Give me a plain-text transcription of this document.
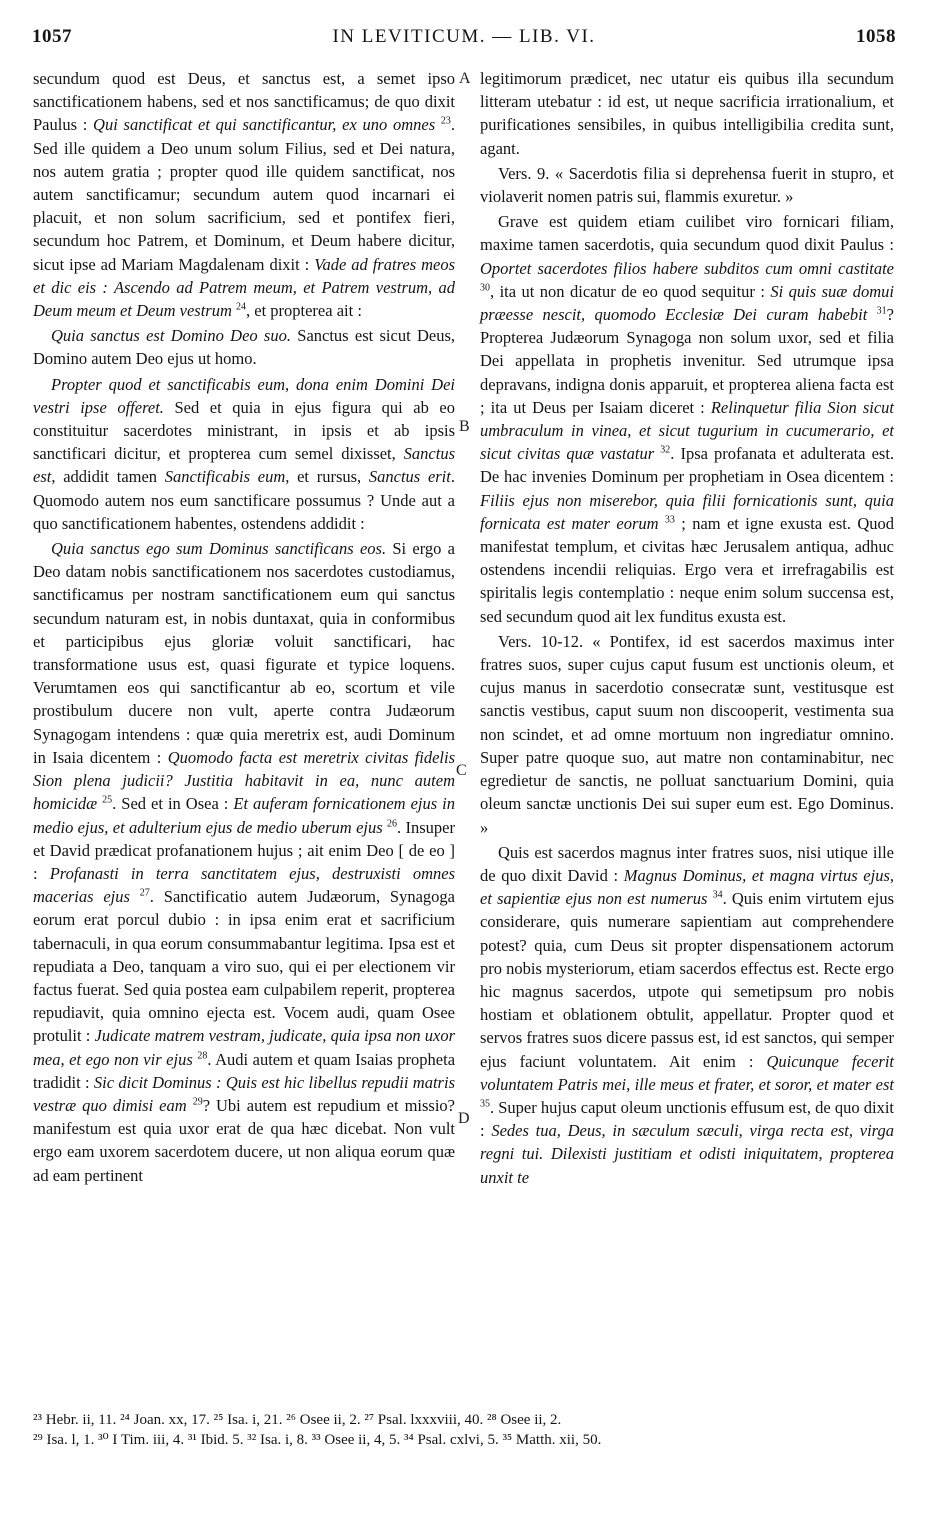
1057	IN LEVITICUM. — LIB. VI.	1058
A
B
C
D

secundum quod est Deus, et sanctus est, a semet ipso sanctificationem habens, sed et nos sanctificamus; de quo dixit Paulus : Qui sanctificat et qui sanctificantur, ex uno omnes $^{23}$. Sed ille quidem a Deo unum solum Filius, sed et Dei natura, nos autem gratia ; propter quod ille quidem sanctificat, nos autem sanctificamur; secundum autem quod incarnari ei placuit, et non solum sacrificium, sed et pontifex fieri, secundum hoc Patrem, et Dominum, et Deum habere dicitur, sicut ipse ad Mariam Magdalenam dixit : Vade ad fratres meos et dic eis : Ascendo ad Patrem meum, et Patrem vestrum, ad Deum meum et Deum vestrum $^{24}$, et propterea ait :

Quia sanctus est Domino Deo suo. Sanctus est sicut Deus, Domino autem Deo ejus ut homo.

Propter quod et sanctificabis eum, dona enim Domini Dei vestri ipse offeret. Sed et quia in ejus figura qui ab eo constituitur sacerdotes ministrant, in ipsis et ab ipsis sanctificari dicitur, et propterea cum semel dixisset, Sanctus est, addidit tamen Sanctificabis eum, et rursus, Sanctus erit. Quomodo autem nos eum sanctificare possumus ? Unde aut a quo sanctificationem habentes, ostendens addidit :

Quia sanctus ego sum Dominus sanctificans eos. Si ergo a Deo datam nobis sanctificationem nos sacerdotes custodiamus, sanctificamus per nostram sanctificationem eum qui sanctus secundum naturam est, in nobis duntaxat, quia in conformibus et participibus ejus gloriæ voluit sanctificari, hac transformatione usus est, quasi figurate et typice loquens. Verumtamen eos qui sanctificantur ab eo, scortum et vile prostibulum ducere non vult, aperte contra Judæorum Synagogam intendens : quæ quia meretrix est, audi Dominum in Isaia dicentem : Quomodo facta est meretrix civitas fidelis Sion plena judicii? Justitia habitavit in ea, nunc autem homicidæ $^{25}$. Sed et in Osea : Et auferam fornicationem ejus in medio ejus, et adulterium ejus de medio uberum ejus $^{26}$. Insuper et David prædicat profanationem hujus ; ait enim Deo [ de eo ] : Profanasti in terra sanctitatem ejus, destruxisti omnes macerias ejus $^{27}$. Sanctificatio autem Judæorum, Synagoga eorum erat porcul dubio : in ipsa enim erat et sacrificium tabernaculi, in qua eorum consummabantur legitima. Ipsa est et repudiata a Deo, tanquam a viro suo, qui ei per electionem vir factus fuerat. Sed quia postea eam culpabilem reperit, propterea repudiavit, quia omnino ejecta est. Vocem audi, quam Osee protulit : Judicate matrem vestram, judicate, quia ipsa non uxor mea, et ego non vir ejus $^{28}$. Audi autem et quam Isaias propheta tradidit : Sic dicit Dominus : Quis est hic libellus repudii matris vestræ quo dimisi eam $^{29}$? Ubi autem est repudium et missio? manifestum est quia uxor erat de qua hæc dicebat. Non vult ergo eam uxorem sacerdotem ducere, ut non aliqua eorum quæ ad eam pertinent

legitimorum prædicet, nec utatur eis quibus illa secundum litteram utebatur : id est, ut neque sacrificia irrationalium, et purificationes sensibiles, in quibus intelligibilia credita sunt, agant.

Vers. 9. « Sacerdotis filia si deprehensa fuerit in stupro, et violaverit nomen patris sui, flammis exuretur. »

Grave est quidem etiam cuilibet viro fornicari filiam, maxime tamen sacerdotis, quia secundum quod dixit Paulus : Oportet sacerdotes filios habere subditos cum omni castitate $^{30}$, ita ut non dicatur de eo quod sequitur : Si quis suæ domui præesse nescit, quomodo Ecclesiæ Dei curam habebit $^{31}$? Propterea Judæorum Synagoga non solum uxor, sed et filia Dei appellata in prophetis invenitur. Sed utrumque ipsa depravans, indigna donis apparuit, et propterea aliena facta est ; ita ut Deus per Isaiam diceret : Relinquetur filia Sion sicut umbraculum in vinea, et sicut tugurium in cucumerario, et sicut civitas quæ vastatur $^{32}$. Ipsa profanata et adulterata est. De hac invenies Dominum per prophetiam in Osea dicentem : Filiis ejus non miserebor, quia filii fornicationis sunt, quia fornicata est mater eorum $^{33}$ ; nam et igne exusta est. Quod manifestat templum, et civitas hæc Jerusalem antiqua, adhuc ostendens incendii reliquias. Ergo vera et irrefragabilis est spiritalis legis contemplatio : neque enim solum succensa est, sed secundum quod ait lex funditus exusta est.

Vers. 10-12. « Pontifex, id est sacerdos maximus inter fratres suos, super cujus caput fusum est unctionis oleum, et cujus manus in sacerdotio consecratæ sunt, vestitusque est sanctis vestibus, caput suum non discooperit, vestimenta sua non scindet, et ad omne mortuum non ingrediatur omnino. Super patre quoque suo, aut matre non contaminabitur, nec egredietur de sanctis, ne polluat sanctuarium Domini, quia oleum sanctæ unctionis Dei sui super eum est. Ego Dominus. »

Quis est sacerdos magnus inter fratres suos, nisi utique ille de quo dixit David : Magnus Dominus, et magna virtus ejus, et sapientiæ ejus non est numerus $^{34}$. Quis enim virtutem ejus considerare, quis numerare sapientiam aut comprehendere potest? quia, cum Deus sit propter dispensationem actorum pro nobis mysteriorum, etiam sacerdos effectus est. Recte ergo hic magnus sacerdos, utpote qui semetipsum pro nobis hostiam et oblationem obtulit, appellatur. Propter quod et servos fratres suos dicere passus est, id est sanctos, qui semper ejus faciunt voluntatem. Ait enim : Quicunque fecerit voluntatem Patris mei, ille meus et frater, et soror, et mater est $^{35}$. Super hujus caput oleum unctionis effusum est, de quo dixit : Sedes tua, Deus, in sæculum sæculi, virga recta est, virga regni tui. Dilexisti justitiam et odisti iniquitatem, propterea unxit te

²³ Hebr. ii, 11. ²⁴ Joan. xx, 17. ²⁵ Isa. i, 21. ²⁶ Osee ii, 2. ²⁷ Psal. lxxxviii, 40. ²⁸ Osee ii, 2.

²⁹ Isa. l, 1. ³⁰ I Tim. iii, 4. ³¹ Ibid. 5. ³² Isa. i, 8. ³³ Osee ii, 4, 5. ³⁴ Psal. cxlvi, 5. ³⁵ Matth. xii, 50.
